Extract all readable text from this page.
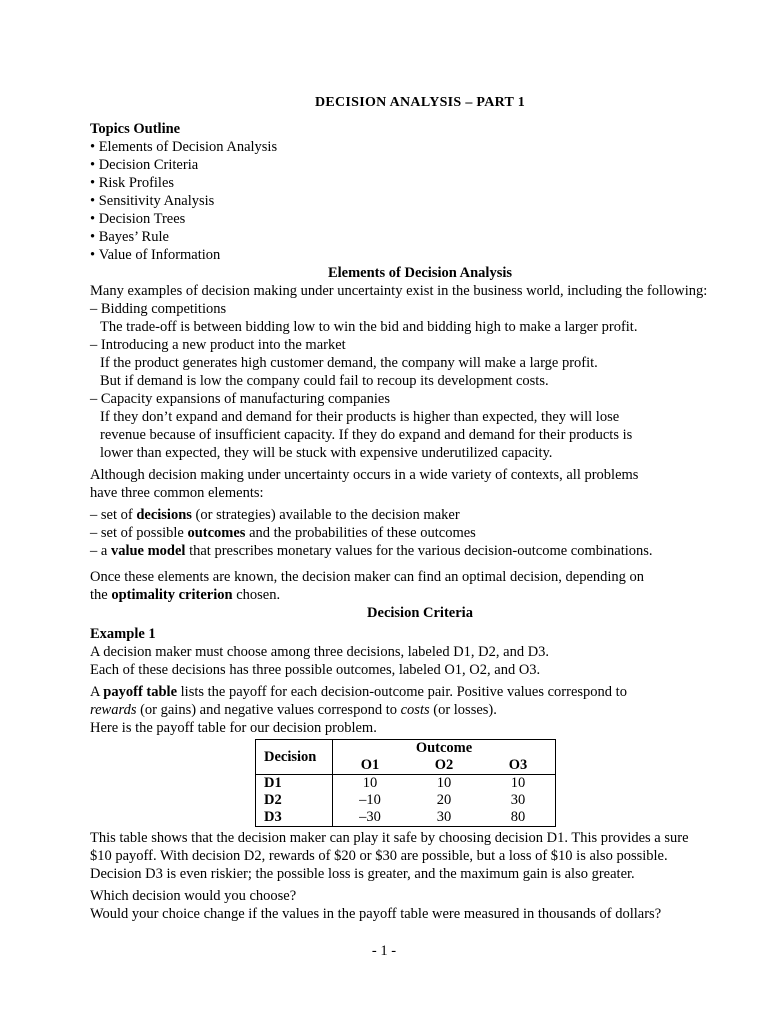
DECISION ANALYSIS – PART 1
Topics Outline
• Elements of Decision Analysis
• Decision Criteria
• Risk Profiles
• Sensitivity Analysis
• Decision Trees
• Bayes’ Rule
• Value of Information
Elements of Decision Analysis
Many examples of decision making under uncertainty exist in the business world, including the following:
– Bidding competitions
The trade-off is between bidding low to win the bid and bidding high to make a larger profit.
– Introducing a new product into the market
If the product generates high customer demand, the company will make a large profit.
But if demand is low the company could fail to recoup its development costs.
– Capacity expansions of manufacturing companies
If they don’t expand and demand for their products is higher than expected, they will lose
revenue because of insufficient capacity. If they do expand and demand for their products is
lower than expected, they will be stuck with expensive underutilized capacity.
Although decision making under uncertainty occurs in a wide variety of contexts, all problems
have three common elements:
– set of decisions (or strategies) available to the decision maker
– set of possible outcomes and the probabilities of these outcomes
– a value model that prescribes monetary values for the various decision-outcome combinations.
Once these elements are known, the decision maker can find an optimal decision, depending on
the optimality criterion chosen.
Decision Criteria
Example 1
A decision maker must choose among three decisions, labeled D1, D2, and D3.
Each of these decisions has three possible outcomes, labeled O1, O2, and O3.
A payoff table lists the payoff for each decision-outcome pair. Positive values correspond to
rewards (or gains) and negative values correspond to costs (or losses).
Here is the payoff table for our decision problem.
Decision	Outcome		
	O1	O2	O3
D1	10	10	10
D2	–10	20	30
D3	–30	30	80
This table shows that the decision maker can play it safe by choosing decision D1. This provides a sure
$10 payoff. With decision D2, rewards of $20 or $30 are possible, but a loss of $10 is also possible.
Decision D3 is even riskier; the possible loss is greater, and the maximum gain is also greater.
Which decision would you choose?
Would your choice change if the values in the payoff table were measured in thousands of dollars?
- 1 -
